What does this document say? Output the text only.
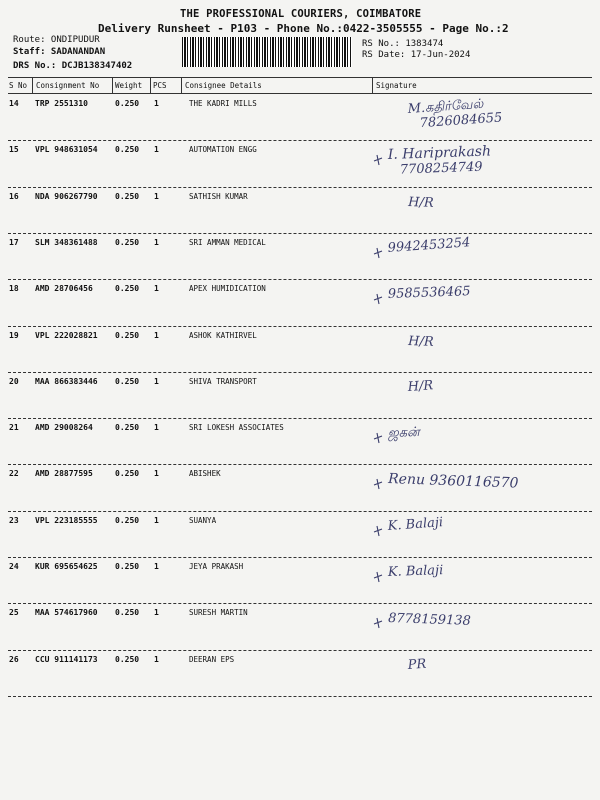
THE PROFESSIONAL COURIERS, COIMBATORE
Delivery Runsheet - P103 - Phone No.:0422-3505555 - Page No.:2
Route: ONDIPUDUR
Staff: SADANANDAN
DRS No.: DCJB138347402
RS No.: 1383474
RS Date: 17-Jun-2024
S No Consignment No Weight PCS Consignee Details	Signature
14 TRP 2551310	0.250 1	THE KADRI MILLS	M.கதிர்வேல்
7826084655
15 VPL 948631054 0.250 1	AUTOMATION ENGG	I. Hariprakash
7708254749
16 NDA 906267790 0.250 1	SATHISH KUMAR	H/R
17 SLM 348361488 0.250 1	SRI AMMAN MEDICAL	9942453254
18 AMD 28706456	0.250 1	APEX HUMIDICATION	9585536465
19 VPL 222028821 0.250 1	ASHOK KATHIRVEL	H/R
20 MAA 866383446 0.250 1	SHIVA TRANSPORT	H/R
21 AMD 29008264	0.250 1	SRI LOKESH ASSOCIATES	ஜகன்
22 AMD 28877595	0.250 1	ABISHEK	Renu 9360116570
23 VPL 223185555 0.250 1	SUANYA	K. Balaji
24 KUR 695654625 0.250 1	JEYA PRAKASH	K. Balaji
25 MAA 574617960 0.250 1	SURESH MARTIN	8778159138
26 CCU 911141173 0.250 1	DEERAN EPS	PR
